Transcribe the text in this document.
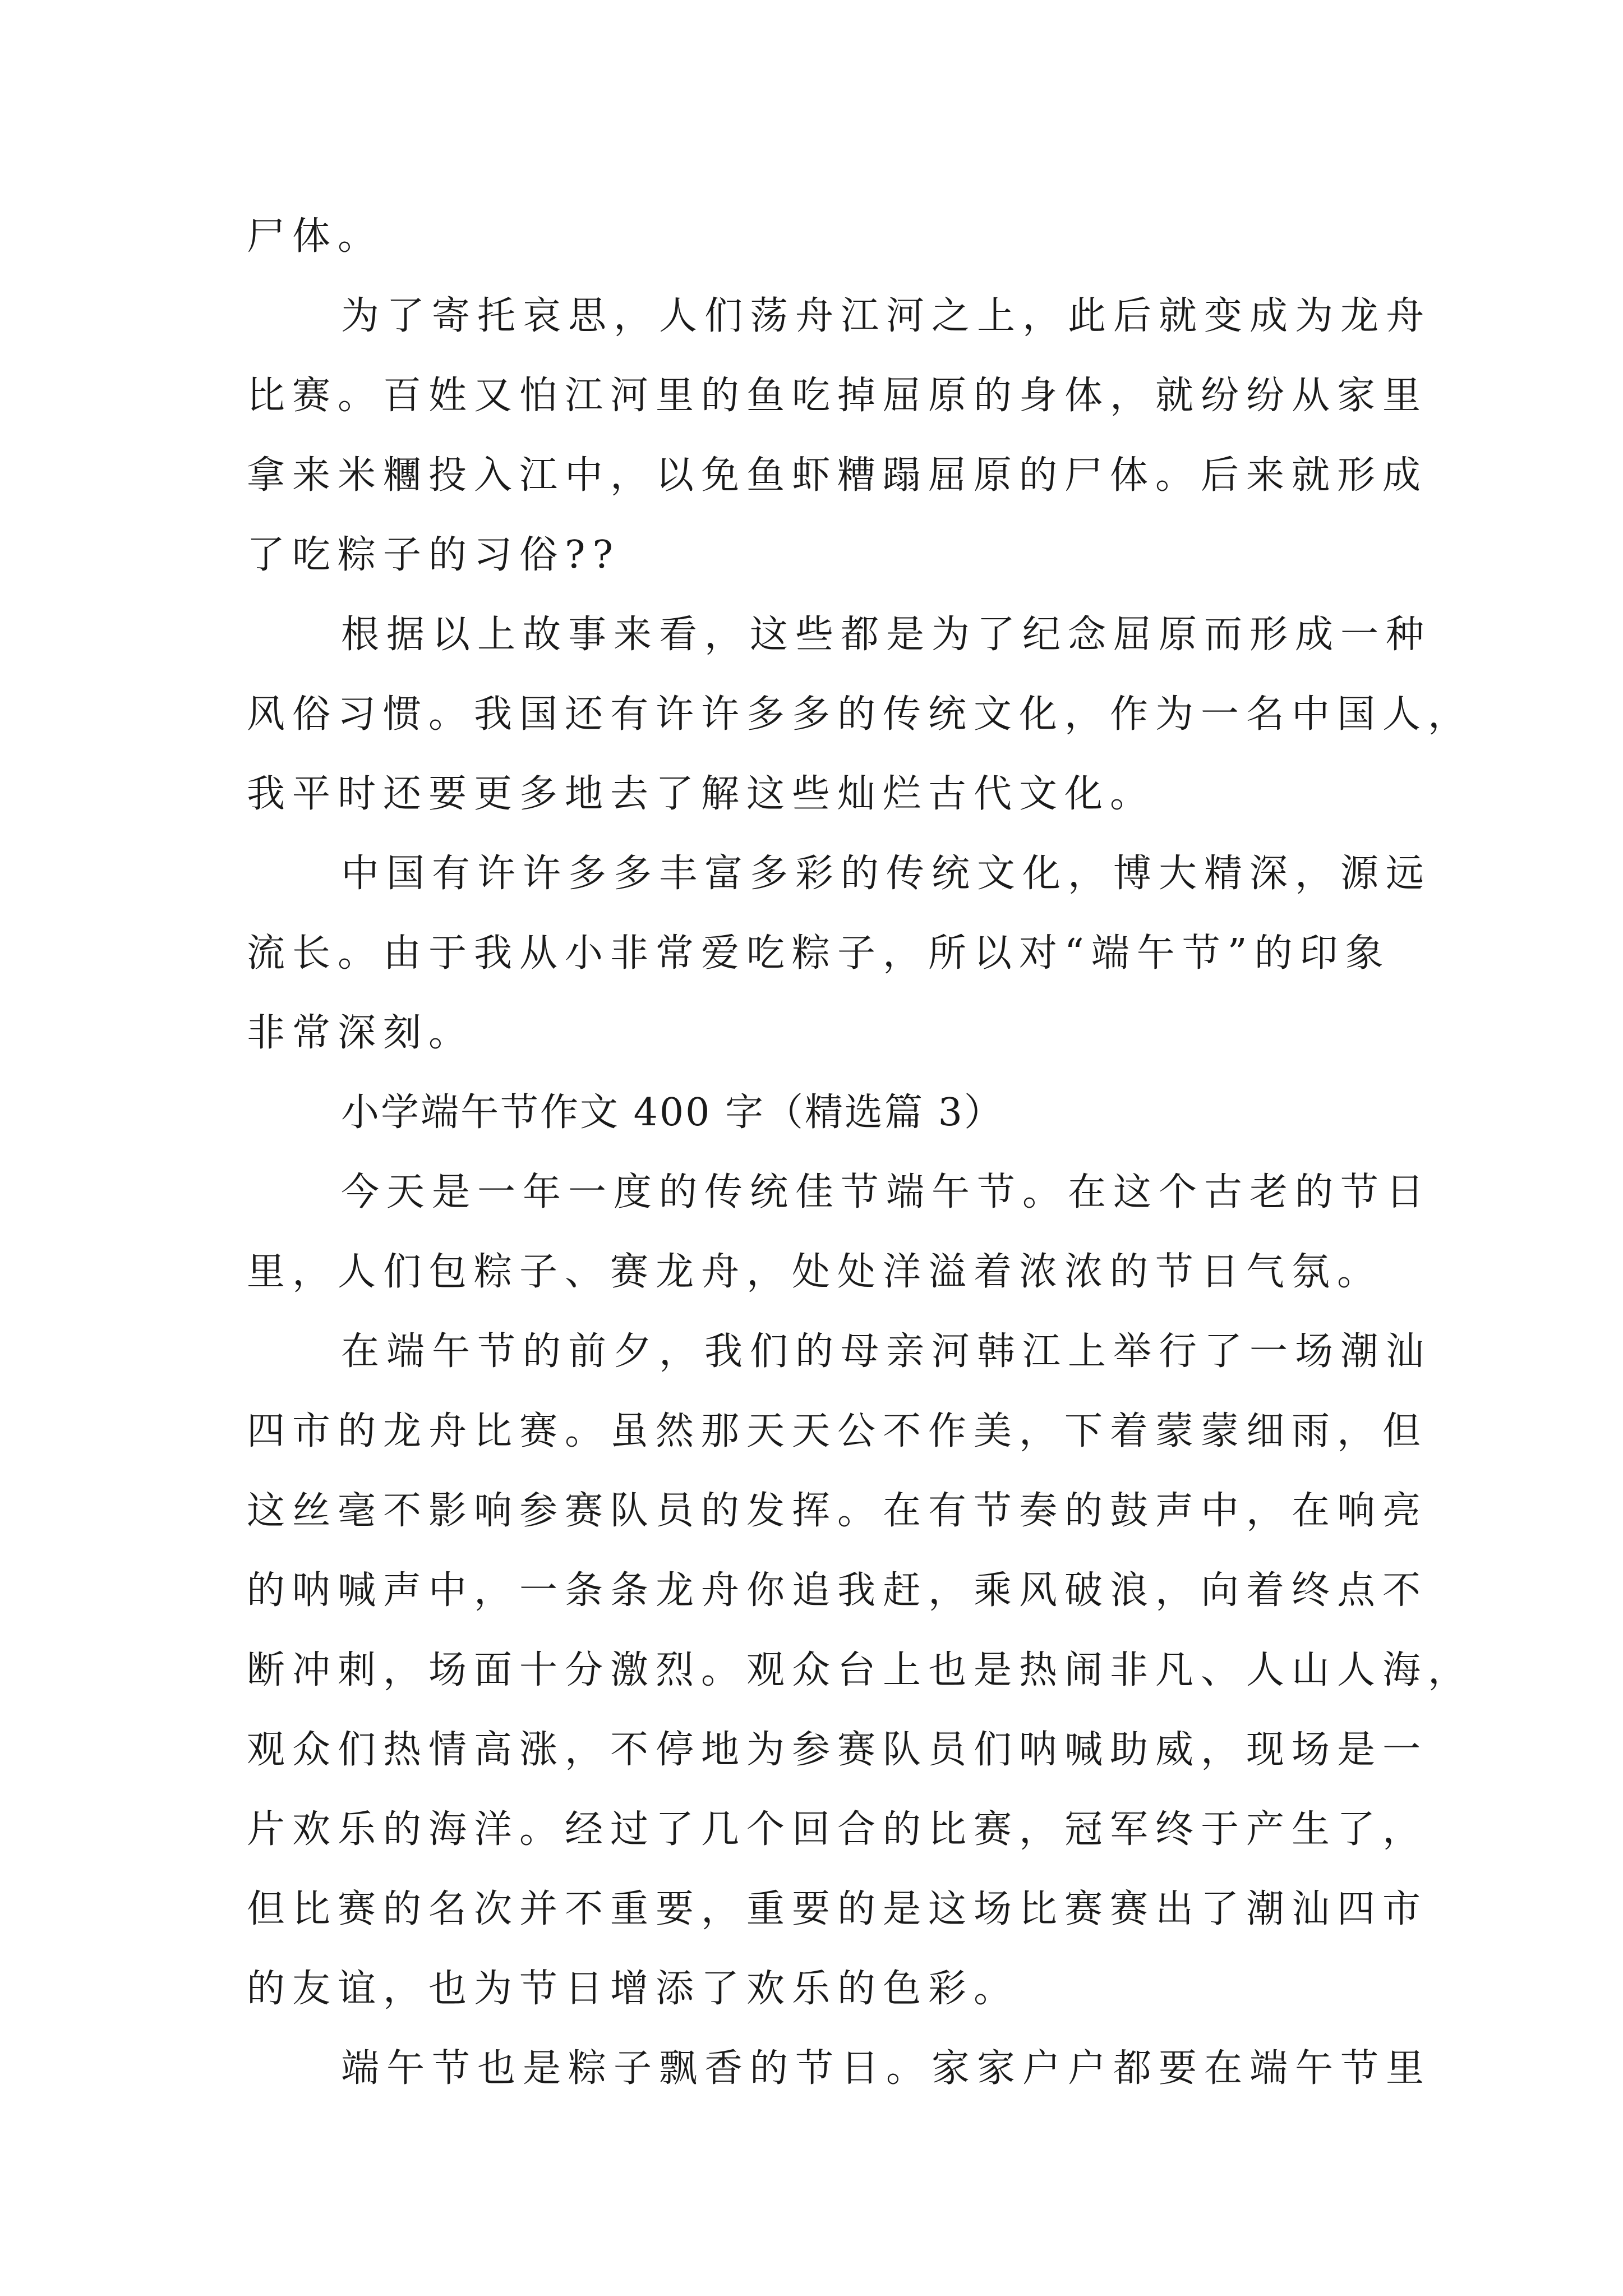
尸体。
为了寄托哀思，人们荡舟江河之上，此后就变成为龙舟
比赛。百姓又怕江河里的鱼吃掉屈原的身体，就纷纷从家里
拿来米糰投入江中，以免鱼虾糟蹋屈原的尸体。后来就形成
了吃粽子的习俗??
根据以上故事来看，这些都是为了纪念屈原而形成一种
风俗习惯。我国还有许许多多的传统文化，作为一名中国人，
我平时还要更多地去了解这些灿烂古代文化。
中国有许许多多丰富多彩的传统文化，博大精深，源远
流长。由于我从小非常爱吃粽子，所以对“端午节”的印象
非常深刻。
小学端午节作文 400 字（精选篇 3）
今天是一年一度的传统佳节端午节。在这个古老的节日
里，人们包粽子、赛龙舟，处处洋溢着浓浓的节日气氛。
在端午节的前夕，我们的母亲河韩江上举行了一场潮汕
四市的龙舟比赛。虽然那天天公不作美，下着蒙蒙细雨，但
这丝毫不影响参赛队员的发挥。在有节奏的鼓声中，在响亮
的呐喊声中，一条条龙舟你追我赶，乘风破浪，向着终点不
断冲刺，场面十分激烈。观众台上也是热闹非凡、人山人海，
观众们热情高涨，不停地为参赛队员们呐喊助威，现场是一
片欢乐的海洋。经过了几个回合的比赛，冠军终于产生了，
但比赛的名次并不重要，重要的是这场比赛赛出了潮汕四市
的友谊，也为节日增添了欢乐的色彩。
端午节也是粽子飘香的节日。家家户户都要在端午节里
